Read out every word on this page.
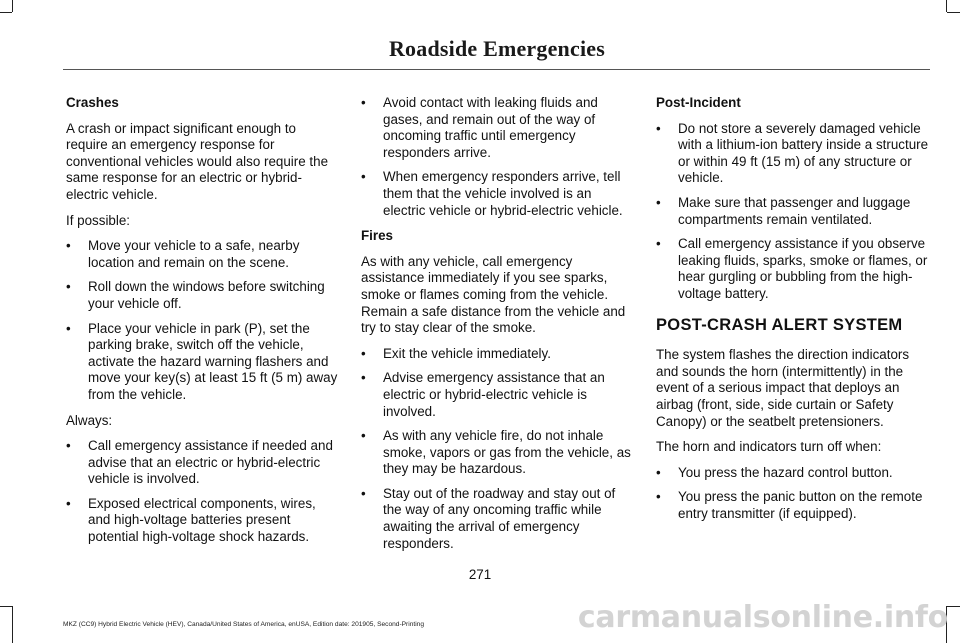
Roadside Emergencies
Crashes

A crash or impact significant enough to require an emergency response for conventional vehicles would also require the same response for an electric or hybrid-electric vehicle.

If possible:

• Move your vehicle to a safe, nearby location and remain on the scene.
• Roll down the windows before switching your vehicle off.
• Place your vehicle in park (P), set the parking brake, switch off the vehicle, activate the hazard warning flashers and move your key(s) at least 15 ft (5 m) away from the vehicle.

Always:

• Call emergency assistance if needed and advise that an electric or hybrid-electric vehicle is involved.
• Exposed electrical components, wires, and high-voltage batteries present potential high-voltage shock hazards.
• Avoid contact with leaking fluids and gases, and remain out of the way of oncoming traffic until emergency responders arrive.
• When emergency responders arrive, tell them that the vehicle involved is an electric vehicle or hybrid-electric vehicle.
Fires

As with any vehicle, call emergency assistance immediately if you see sparks, smoke or flames coming from the vehicle. Remain a safe distance from the vehicle and try to stay clear of the smoke.

• Exit the vehicle immediately.
• Advise emergency assistance that an electric or hybrid-electric vehicle is involved.
• As with any vehicle fire, do not inhale smoke, vapors or gas from the vehicle, as they may be hazardous.
• Stay out of the roadway and stay out of the way of any oncoming traffic while awaiting the arrival of emergency responders.
Post-Incident
• Do not store a severely damaged vehicle with a lithium-ion battery inside a structure or within 49 ft (15 m) of any structure or vehicle.
• Make sure that passenger and luggage compartments remain ventilated.
• Call emergency assistance if you observe leaking fluids, sparks, smoke or flames, or hear gurgling or bubbling from the high-voltage battery.
POST-CRASH ALERT SYSTEM

The system flashes the direction indicators and sounds the horn (intermittently) in the event of a serious impact that deploys an airbag (front, side, side curtain or Safety Canopy) or the seatbelt pretensioners.

The horn and indicators turn off when:

• You press the hazard control button.
• You press the panic button on the remote entry transmitter (if equipped).
271
MKZ (CC9) Hybrid Electric Vehicle (HEV), Canada/United States of America, enUSA, Edition date: 201905, Second-Printing	carmanualsonline.info
